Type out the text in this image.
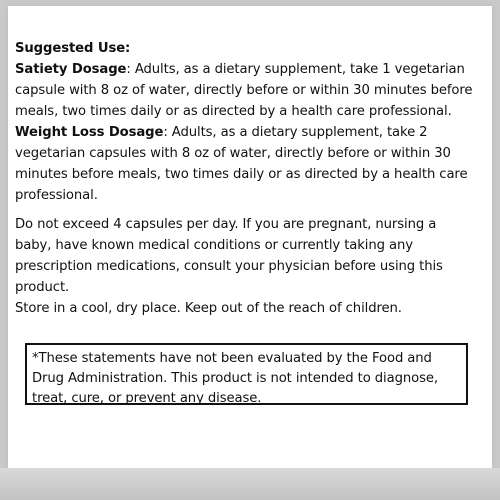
Suggested Use:

Satiety Dosage: Adults, as a dietary supplement, take 1 vegetarian capsule with 8 oz of water, directly before or within 30 minutes before meals, two times daily or as directed by a health care professional.

Weight Loss Dosage: Adults, as a dietary supplement, take 2 vegetarian capsules with 8 oz of water, directly before or within 30 minutes before meals, two times daily or as directed by a health care professional.

Do not exceed 4 capsules per day. If you are pregnant, nursing a baby, have known medical conditions or currently taking any prescription medications, consult your physician before using this product.

Store in a cool, dry place. Keep out of the reach of children.

*These statements have not been evaluated by the Food and Drug Administration. This product is not intended to diagnose, treat, cure, or prevent any disease.
